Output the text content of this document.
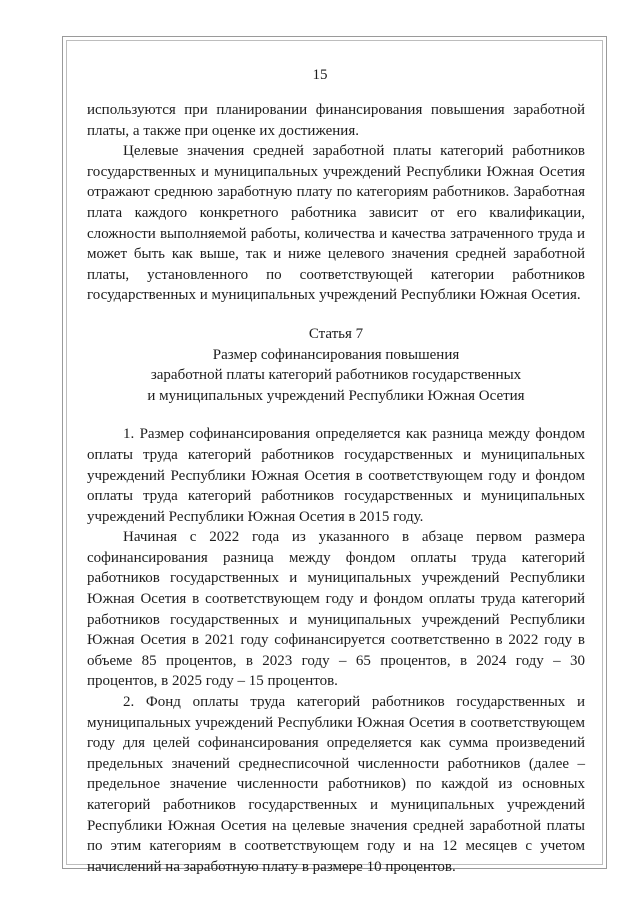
15

используются при планировании финансирования повышения заработной платы, а также при оценке их достижения.

Целевые значения средней заработной платы категорий работников государственных и муниципальных учреждений Республики Южная Осетия отражают среднюю заработную плату по категориям работников. Заработная плата каждого конкретного работника зависит от его квалификации, сложности выполняемой работы, количества и качества затраченного труда и может быть как выше, так и ниже целевого значения средней заработной платы, установленного по соответствующей категории работников государственных и муниципальных учреждений Республики Южная Осетия.

Статья 7
Размер софинансирования повышения
заработной платы категорий работников государственных
и муниципальных учреждений Республики Южная Осетия

1. Размер софинансирования определяется как разница между фондом оплаты труда категорий работников государственных и муниципальных учреждений Республики Южная Осетия в соответствующем году и фондом оплаты труда категорий работников государственных и муниципальных учреждений Республики Южная Осетия в 2015 году.

Начиная с 2022 года из указанного в абзаце первом размера софинансирования разница между фондом оплаты труда категорий работников государственных и муниципальных учреждений Республики Южная Осетия в соответствующем году и фондом оплаты труда категорий работников государственных и муниципальных учреждений Республики Южная Осетия в 2021 году софинансируется соответственно в 2022 году в объеме 85 процентов, в 2023 году – 65 процентов, в 2024 году – 30 процентов, в 2025 году – 15 процентов.

2. Фонд оплаты труда категорий работников государственных и муниципальных учреждений Республики Южная Осетия в соответствующем году для целей софинансирования определяется как сумма произведений предельных значений среднесписочной численности работников (далее – предельное значение численности работников) по каждой из основных категорий работников государственных и муниципальных учреждений Республики Южная Осетия на целевые значения средней заработной платы по этим категориям в соответствующем году и на 12 месяцев с учетом начислений на заработную плату в размере 10 процентов.
